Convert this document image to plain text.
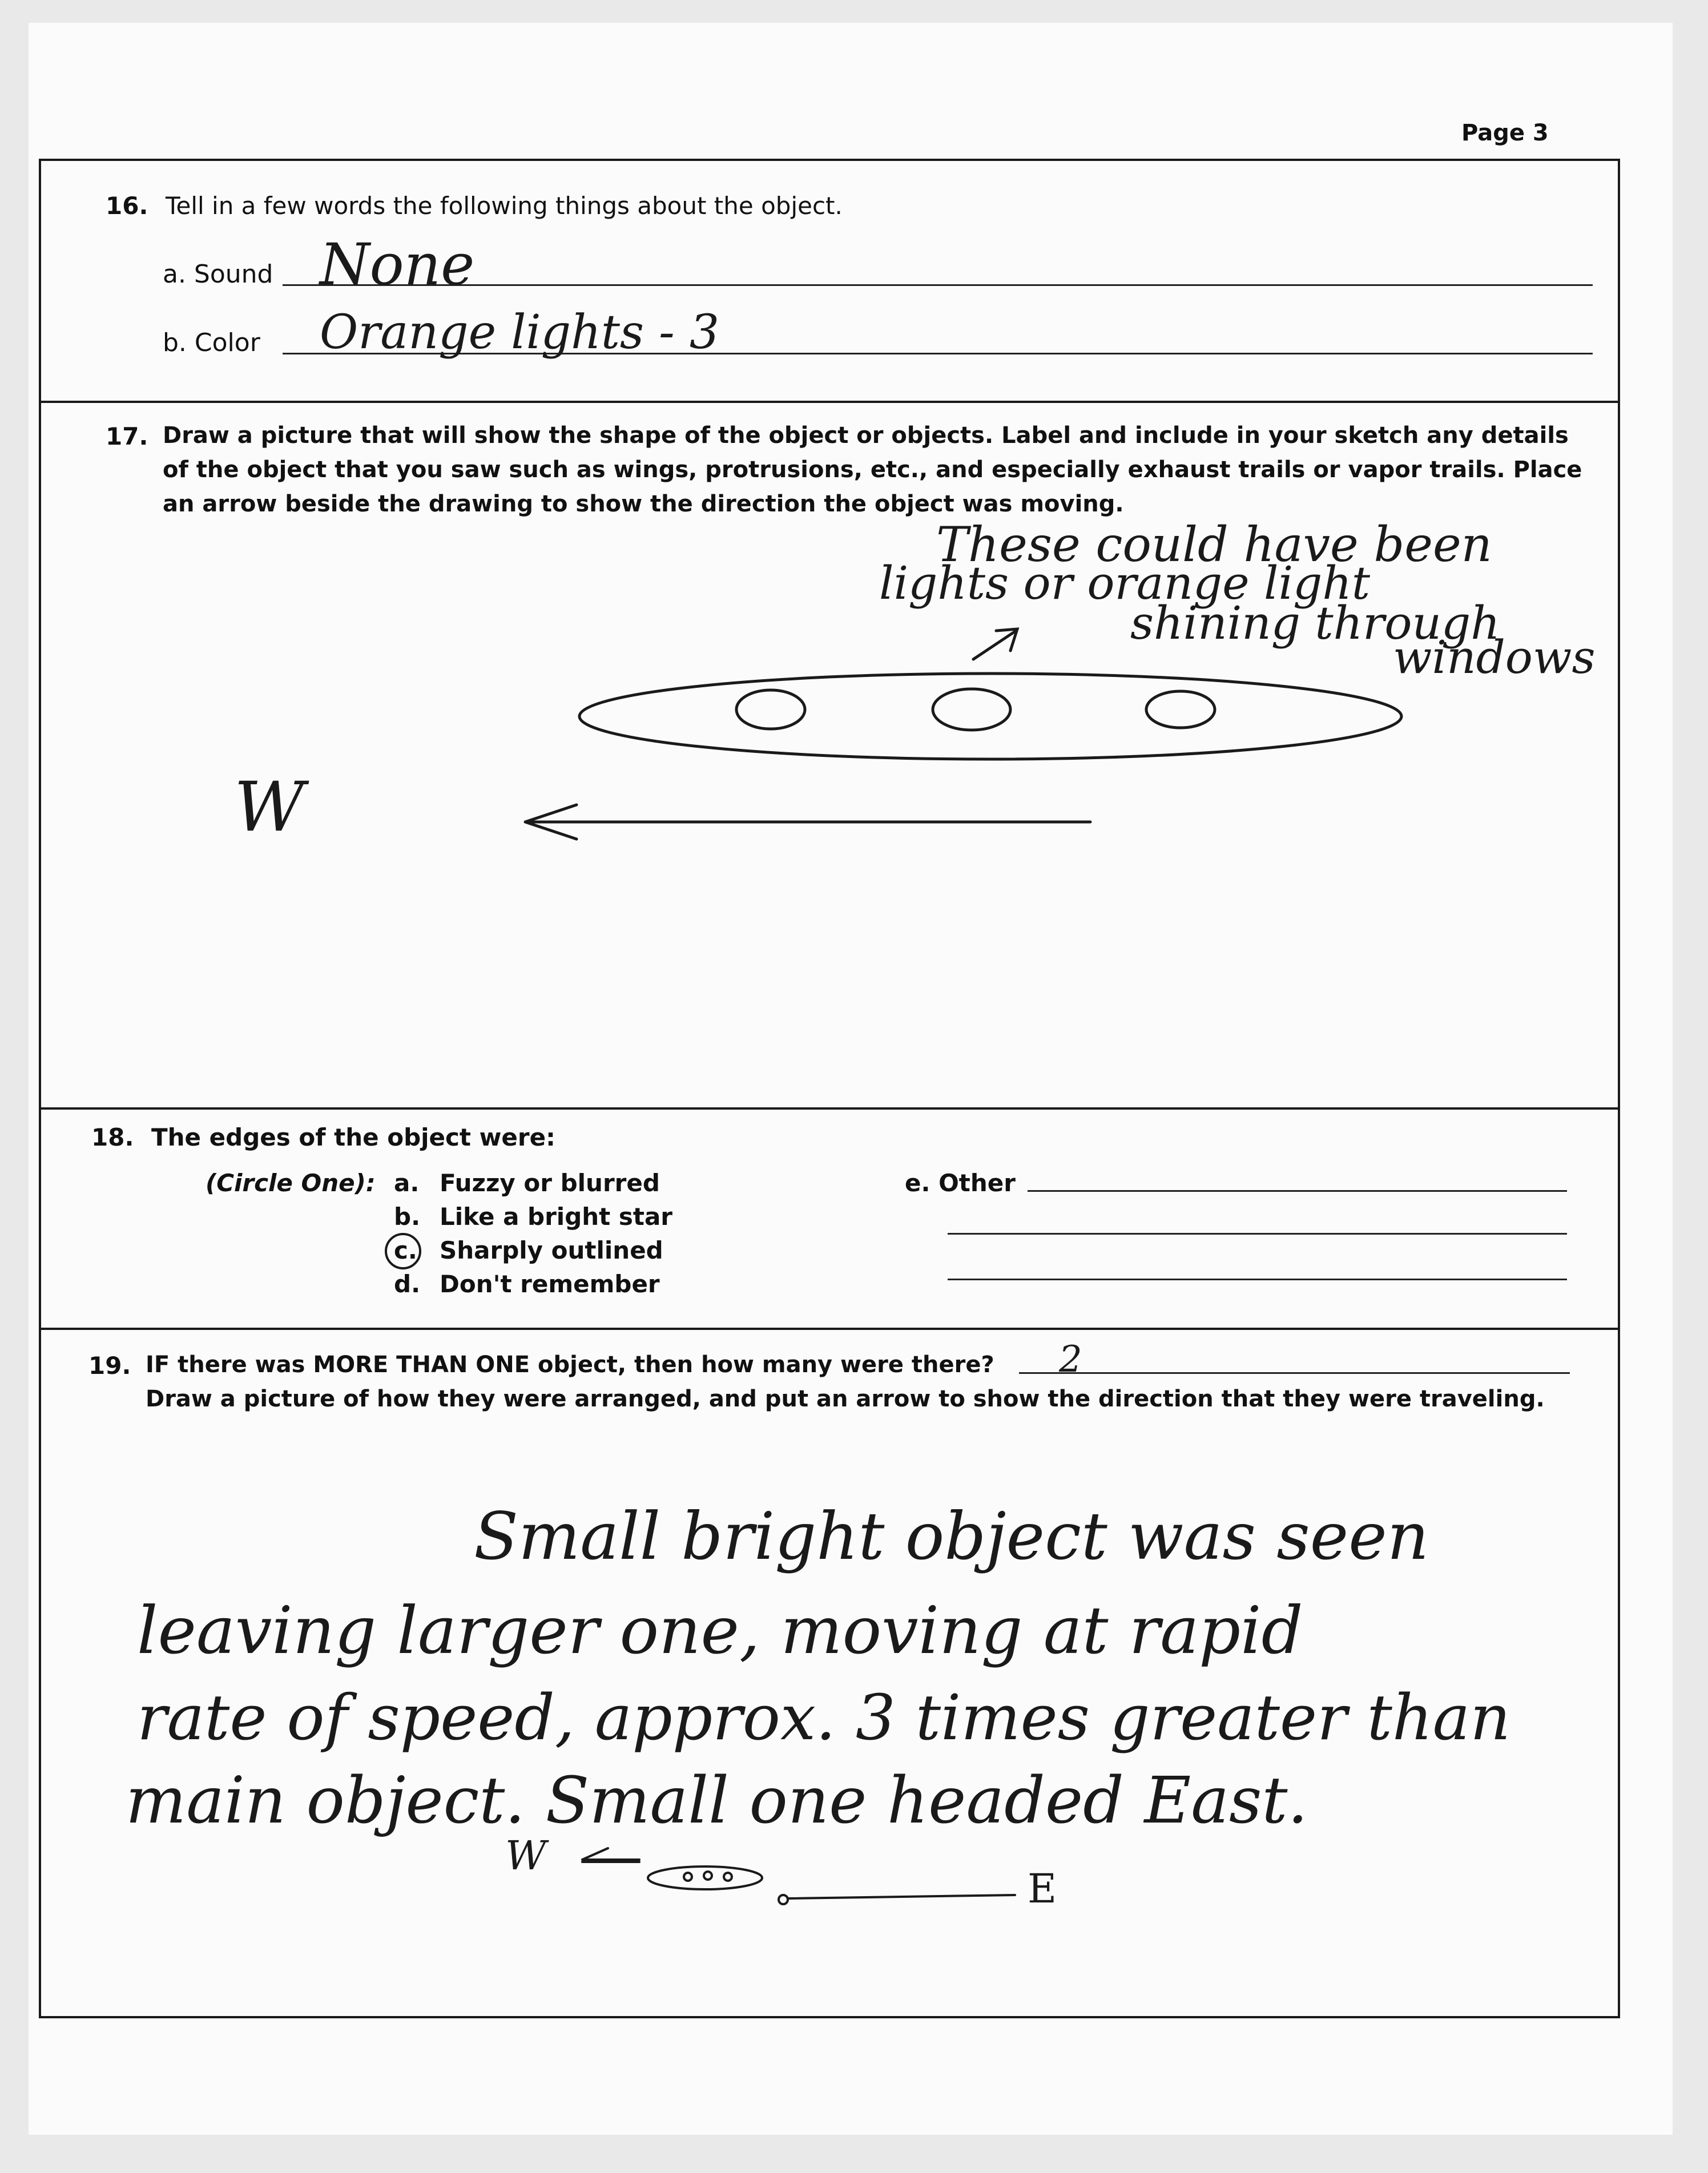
Page 3
16. Tell in a few words the following things about the object.
a. Sound None
b. Color Orange lights - 3
17. Draw a picture that will show the shape of the object or objects. Label and include in your sketch any details
of the object that you saw such as wings, protrusions, etc., and especially exhaust trails or vapor trails. Place
an arrow beside the drawing to show the direction the object was moving.
These could have been
lights or orange light
shining through
windows
W
18. The edges of the object were:
(Circle One): a. Fuzzy or blurred
b. Like a bright star
c. Sharply outlined
d. Don't remember
e. Other
19. IF there was MORE THAN ONE object, then how many were there? 2
Draw a picture of how they were arranged, and put an arrow to show the direction that they were traveling.
Small bright object was seen
leaving larger one, moving at rapid
rate of speed, approx. 3 times greater than
main object. Small one headed East.
W
E
